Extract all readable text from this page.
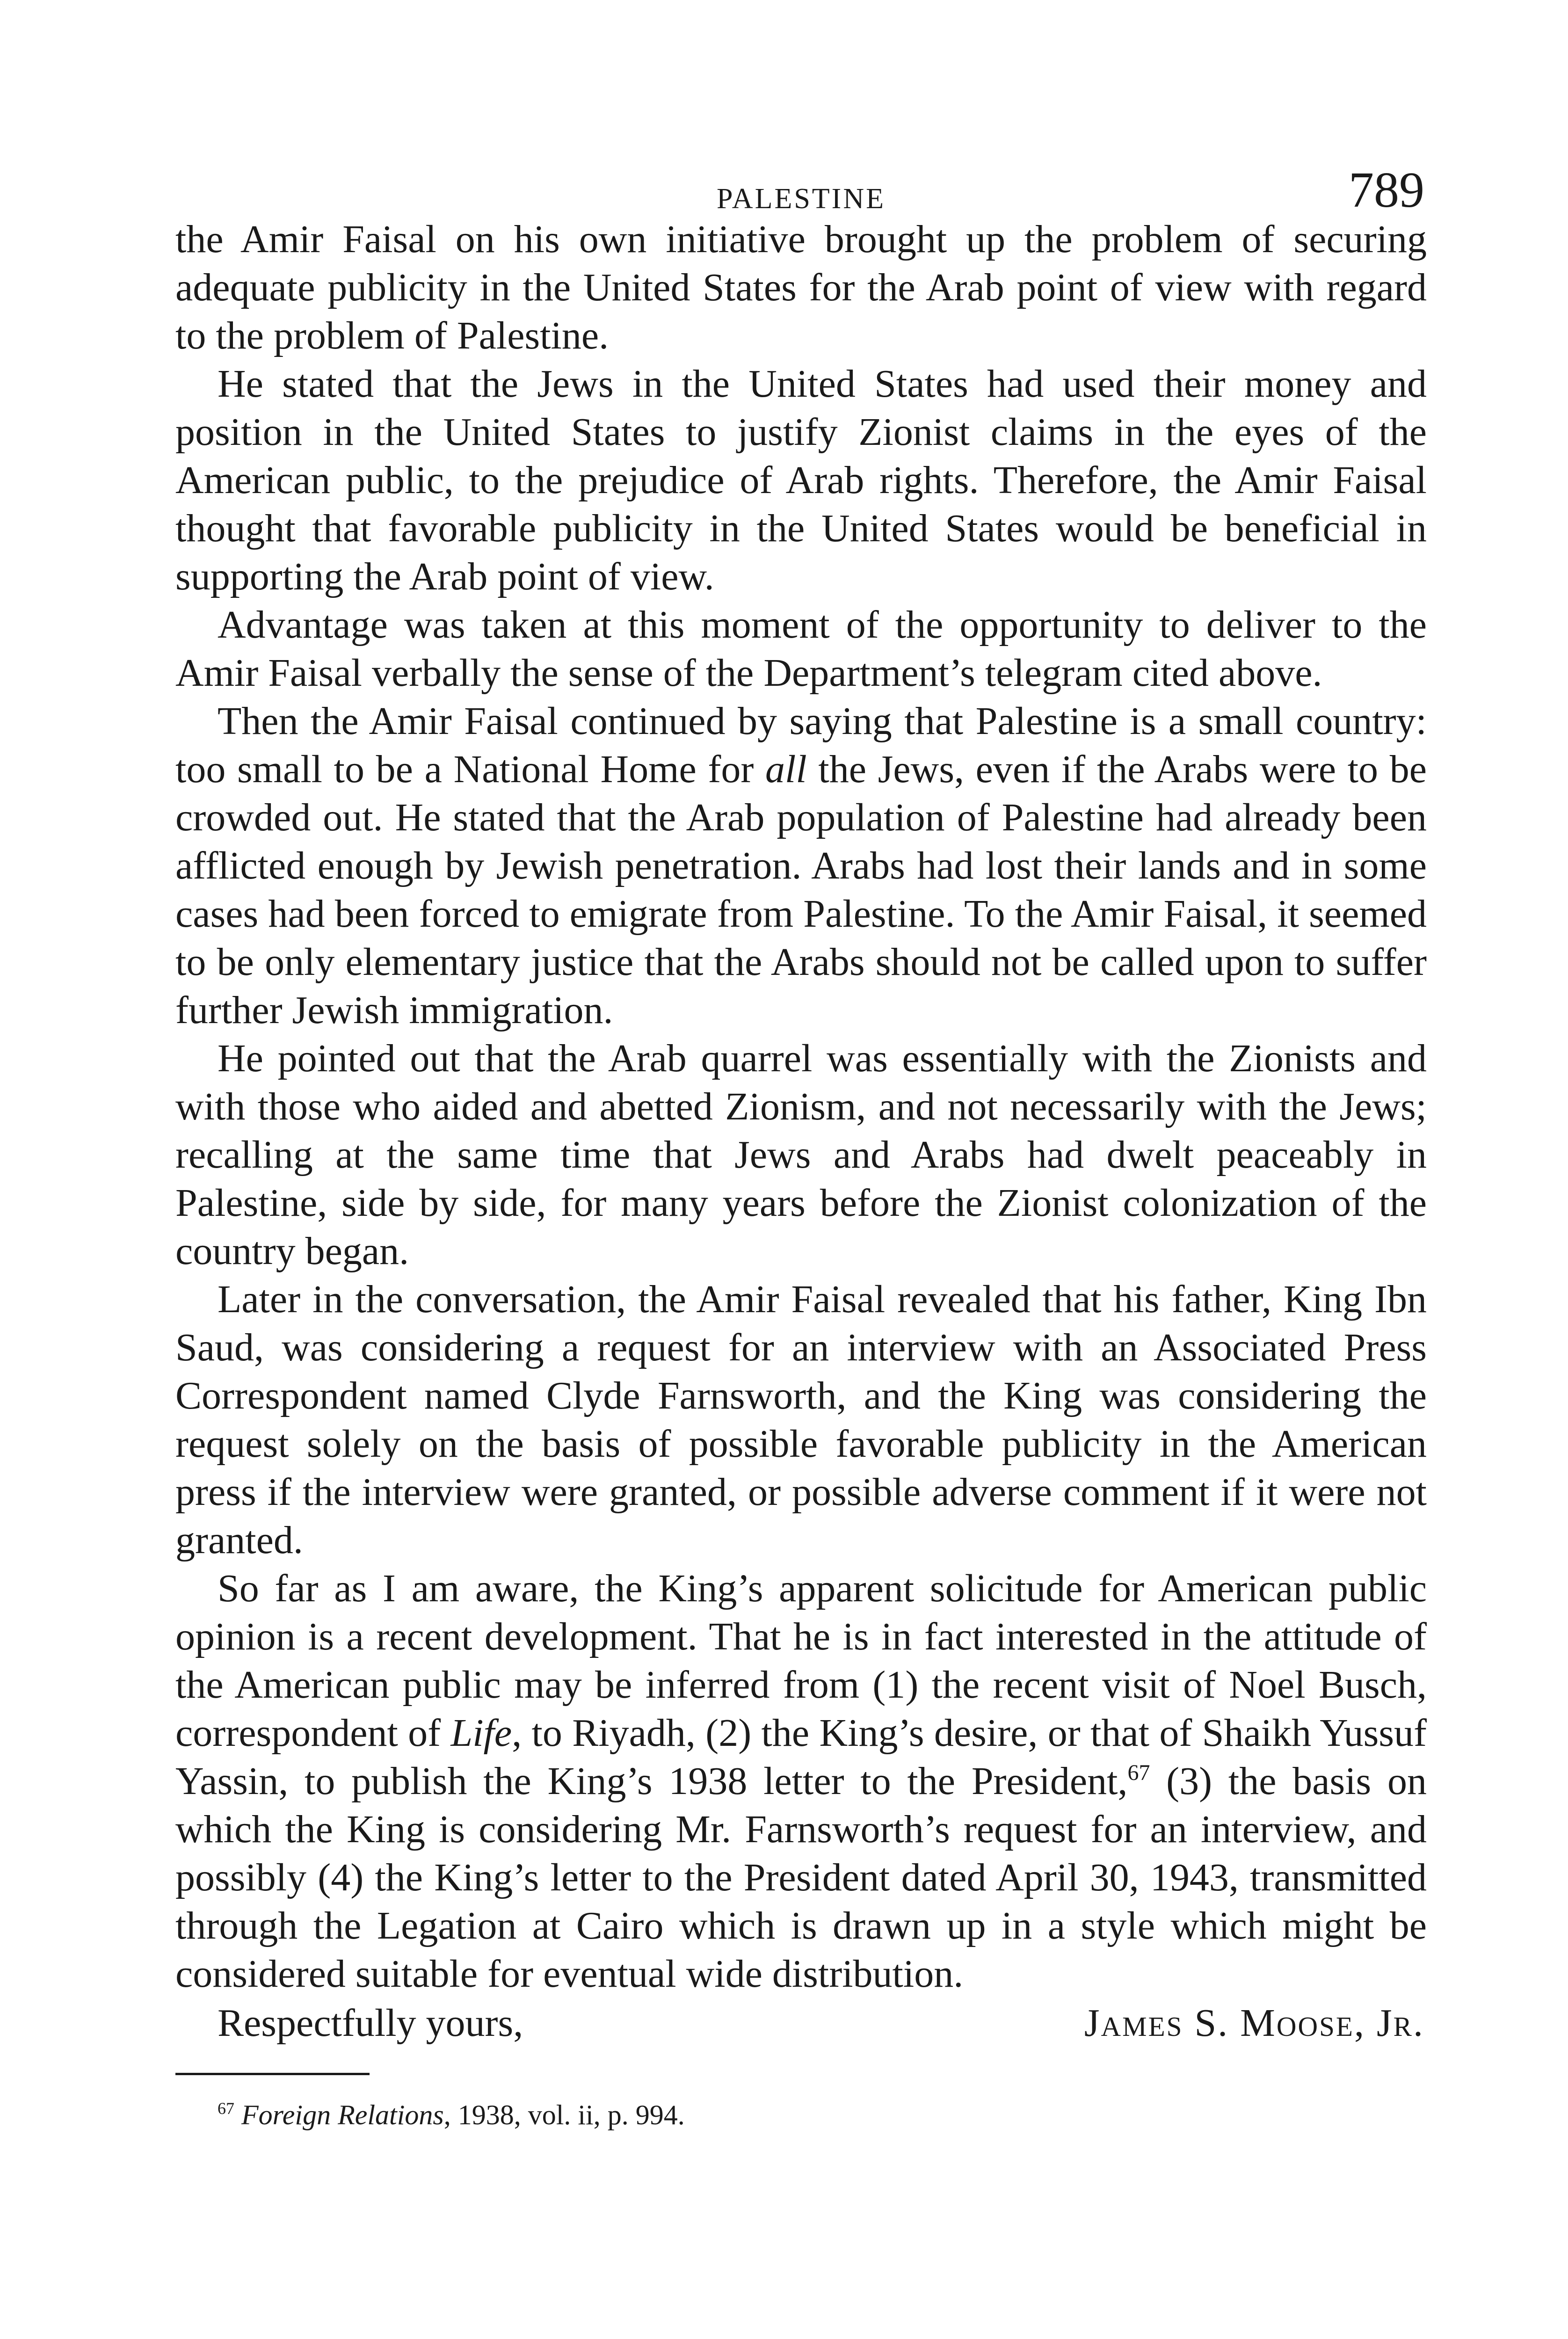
PALESTINE	789

the Amir Faisal on his own initiative brought up the problem of securing adequate publicity in the United States for the Arab point of view with regard to the problem of Palestine.

He stated that the Jews in the United States had used their money and position in the United States to justify Zionist claims in the eyes of the American public, to the prejudice of Arab rights. Therefore, the Amir Faisal thought that favorable publicity in the United States would be beneficial in supporting the Arab point of view.

Advantage was taken at this moment of the opportunity to deliver to the Amir Faisal verbally the sense of the Department’s telegram cited above.

Then the Amir Faisal continued by saying that Palestine is a small country: too small to be a National Home for all the Jews, even if the Arabs were to be crowded out. He stated that the Arab population of Palestine had already been afflicted enough by Jewish penetration. Arabs had lost their lands and in some cases had been forced to emigrate from Palestine. To the Amir Faisal, it seemed to be only elementary justice that the Arabs should not be called upon to suffer further Jewish immigration.

He pointed out that the Arab quarrel was essentially with the Zionists and with those who aided and abetted Zionism, and not necessarily with the Jews; recalling at the same time that Jews and Arabs had dwelt peaceably in Palestine, side by side, for many years before the Zionist colonization of the country began.

Later in the conversation, the Amir Faisal revealed that his father, King Ibn Saud, was considering a request for an interview with an Associated Press Correspondent named Clyde Farnsworth, and the King was considering the request solely on the basis of possible favorable publicity in the American press if the interview were granted, or possible adverse comment if it were not granted.

So far as I am aware, the King’s apparent solicitude for American public opinion is a recent development. That he is in fact interested in the attitude of the American public may be inferred from (1) the recent visit of Noel Busch, correspondent of Life, to Riyadh, (2) the King’s desire, or that of Shaikh Yussuf Yassin, to publish the King’s 1938 letter to the President,$^{67}$ (3) the basis on which the King is considering Mr. Farnsworth’s request for an interview, and possibly (4) the King’s letter to the President dated April 30, 1943, transmitted through the Legation at Cairo which is drawn up in a style which might be considered suitable for eventual wide distribution.

Respectfully yours,	James S. Moose, Jr.
$^{67}$ Foreign Relations, 1938, vol. ii, p. 994.
